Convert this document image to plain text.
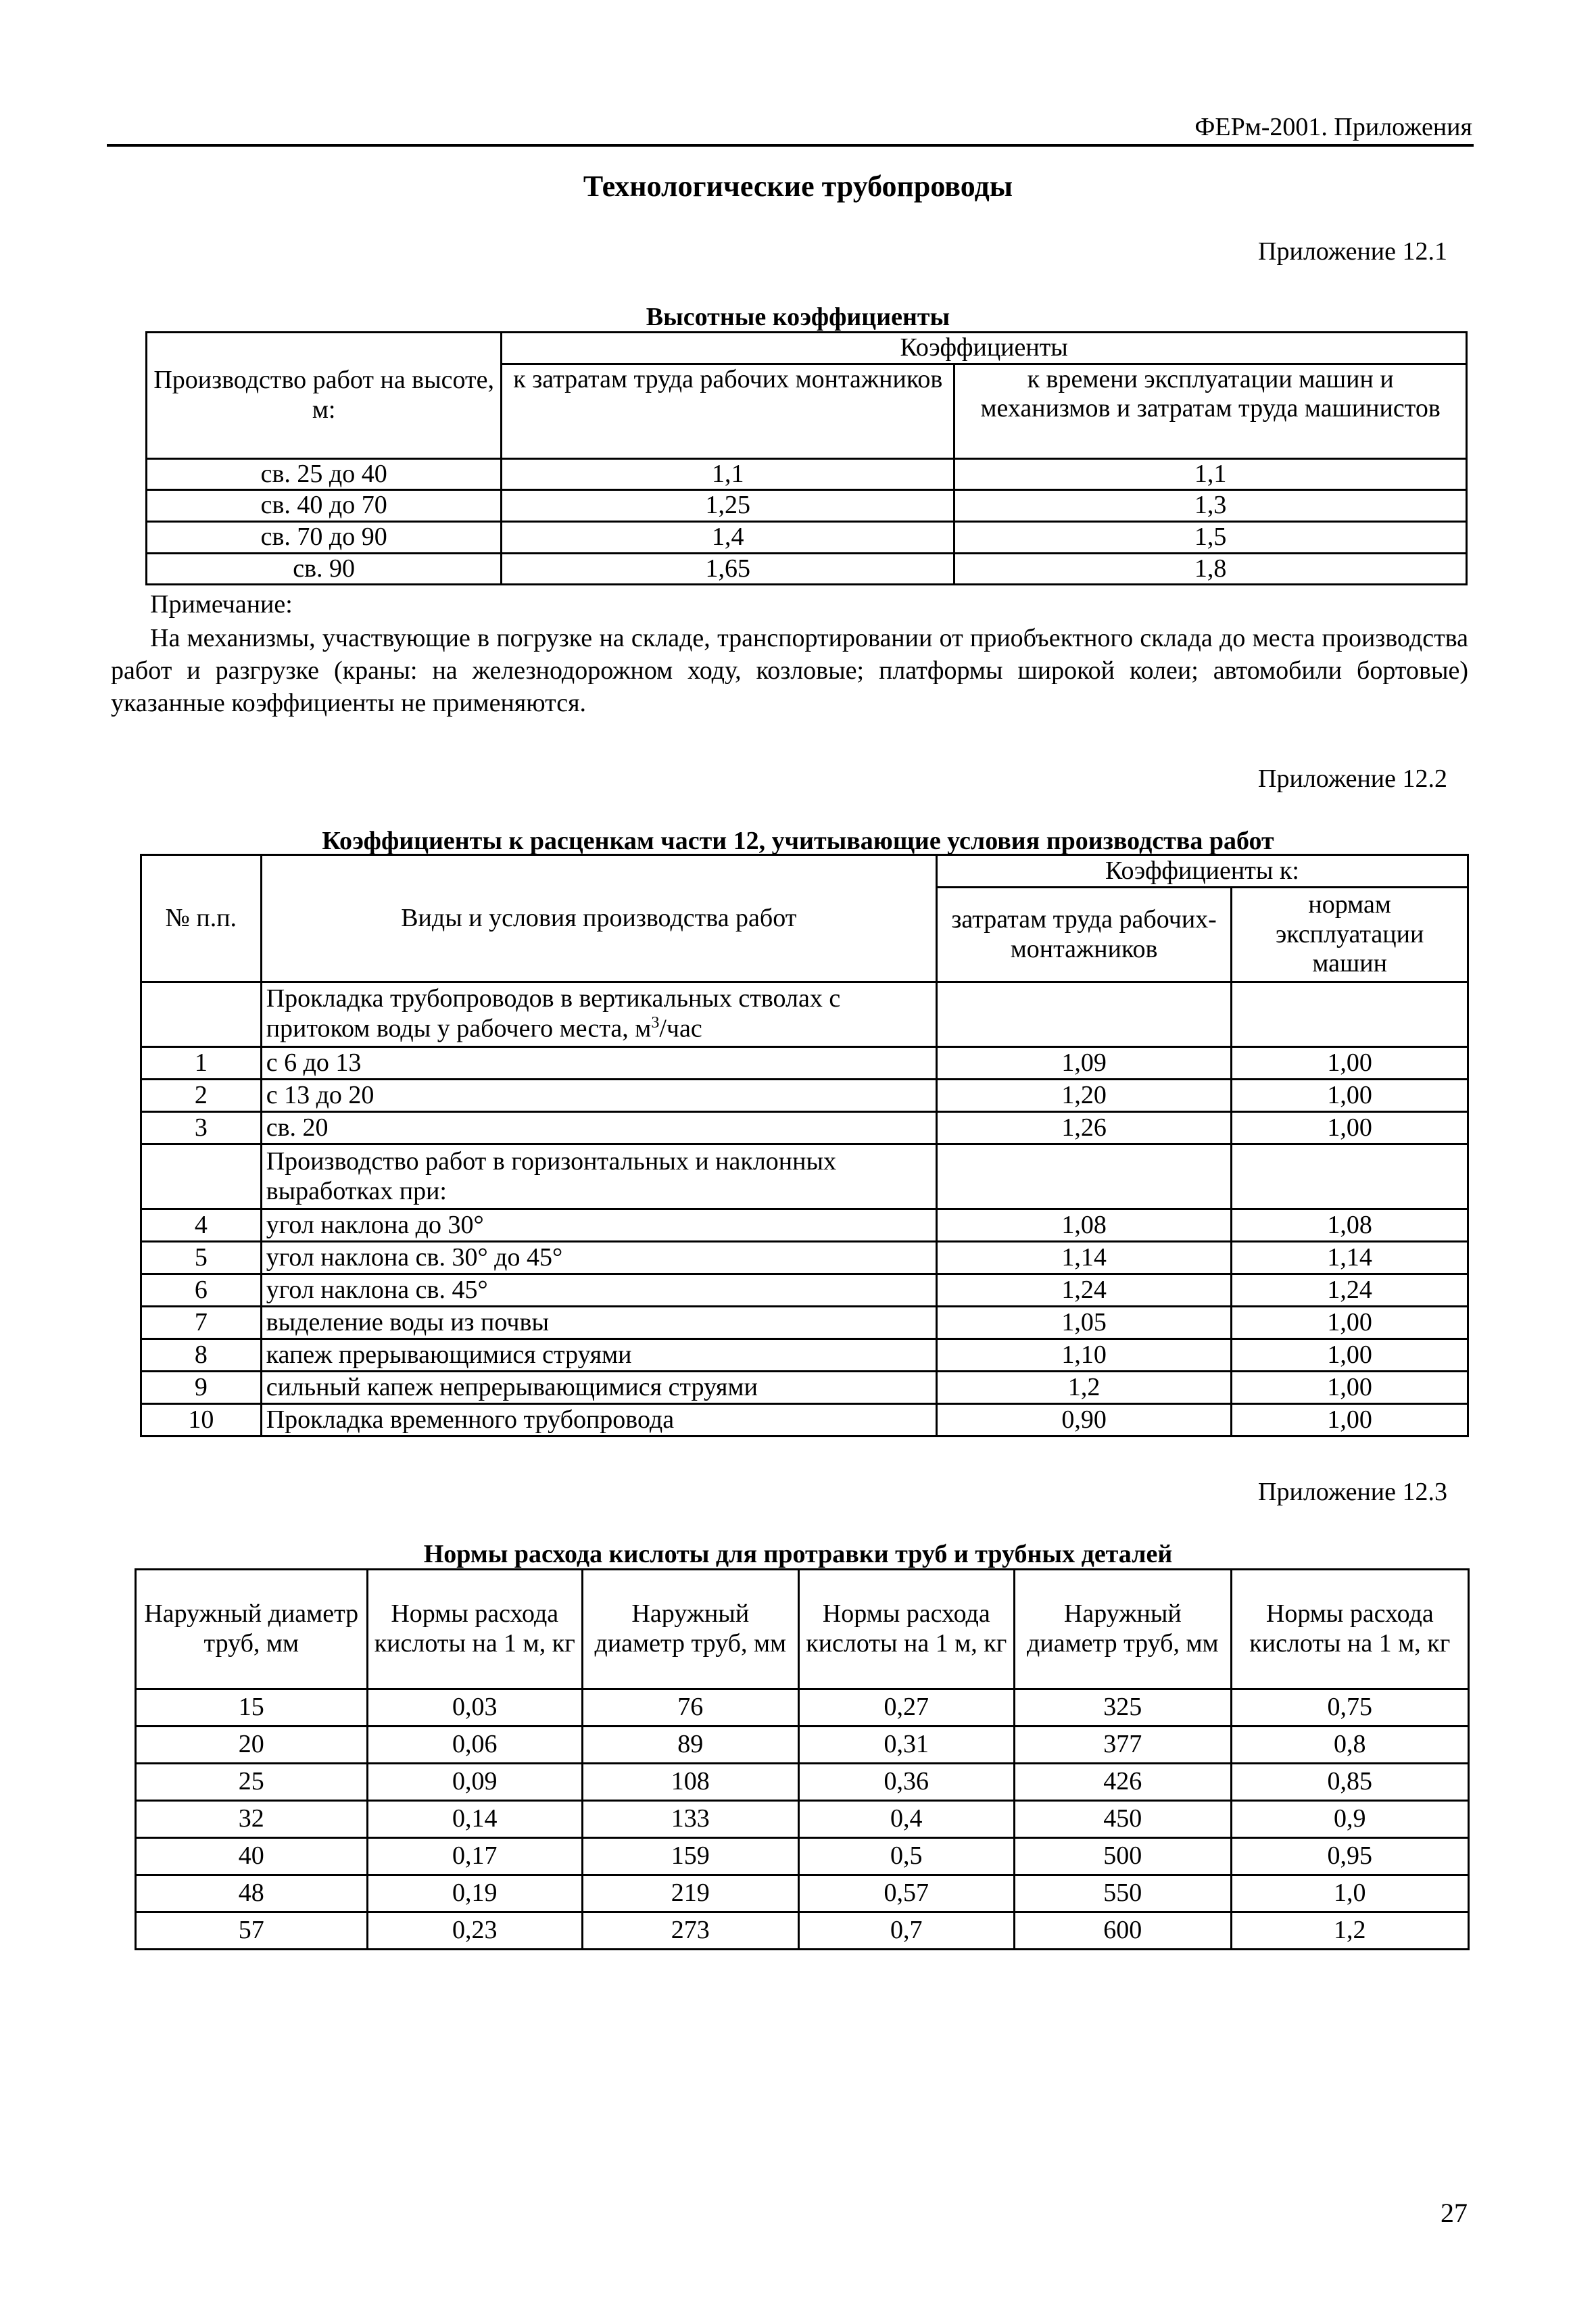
ФЕРм-2001. Приложения
Технологические трубопроводы
Приложение 12.1
Высотные коэффициенты
Производство работ на высоте, м:	Коэффициенты	
	к затратам труда рабочих монтажников	к времени эксплуатации машин и механизмов и затратам труда машинистов
св. 25 до 40	1,1	1,1
св. 40 до 70	1,25	1,3
св. 70 до 90	1,4	1,5
св. 90	1,65	1,8
Примечание:
На механизмы, участвующие в погрузке на складе, транспортировании от приобъектного склада до места производства работ и разгрузке (краны: на железнодорожном ходу, козловые; платформы широкой колеи; автомобили бортовые) указанные коэффициенты не применяются.
Приложение 12.2
Коэффициенты к расценкам части 12, учитывающие условия производства работ
№ п.п.	Виды и условия производства работ	Коэффициенты к:	
		затратам труда рабочих-монтажников	нормам эксплуатации машин
	Прокладка трубопроводов в вертикальных стволах с притоком воды у рабочего места, $м^3$/час		
1	с 6 до 13	1,09	1,00
2	с 13 до 20	1,20	1,00
3	св. 20	1,26	1,00
	Производство работ в горизонтальных и наклонных выработках при:		
4	угол наклона до 30°	1,08	1,08
5	угол наклона св. 30° до 45°	1,14	1,14
6	угол наклона св. 45°	1,24	1,24
7	выделение воды из почвы	1,05	1,00
8	капеж прерывающимися струями	1,10	1,00
9	сильный капеж непрерывающимися струями	1,2	1,00
10	Прокладка временного трубопровода	0,90	1,00
Приложение 12.3
Нормы расхода кислоты для протравки труб и трубных деталей
Наружный диаметр труб, мм	Нормы расхода кислоты на 1 м, кг	Наружный диаметр труб, мм	Нормы расхода кислоты на 1 м, кг	Наружный диаметр труб, мм	Нормы расхода кислоты на 1 м, кг
15	0,03	76	0,27	325	0,75
20	0,06	89	0,31	377	0,8
25	0,09	108	0,36	426	0,85
32	0,14	133	0,4	450	0,9
40	0,17	159	0,5	500	0,95
48	0,19	219	0,57	550	1,0
57	0,23	273	0,7	600	1,2
27
